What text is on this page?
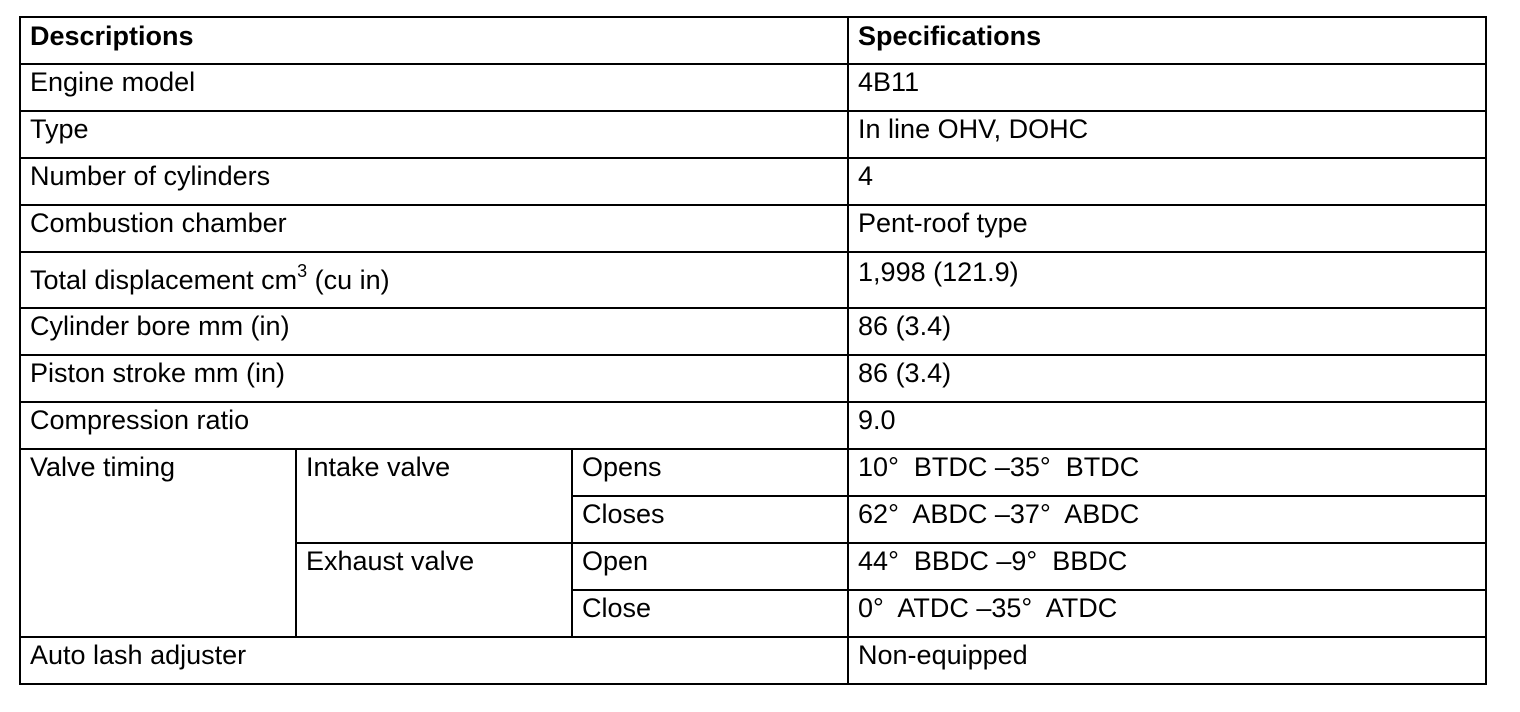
Descriptions			Specifications
Engine model			4B11
Type			In line OHV, DOHC
Number of cylinders			4
Combustion chamber			Pent-roof type
Total displacement $cm^3$ (cu in)			1,998 (121.9)
Cylinder bore mm (in)			86 (3.4)
Piston stroke mm (in)			86 (3.4)
Compression ratio			9.0
Valve timing	Intake valve	Opens	10°  BTDC –35°  BTDC
		Closes	62°  ABDC –37°  ABDC
	Exhaust valve	Open	44°  BBDC –9°  BBDC
		Close	0°  ATDC –35°  ATDC
Auto lash adjuster			Non-equipped
